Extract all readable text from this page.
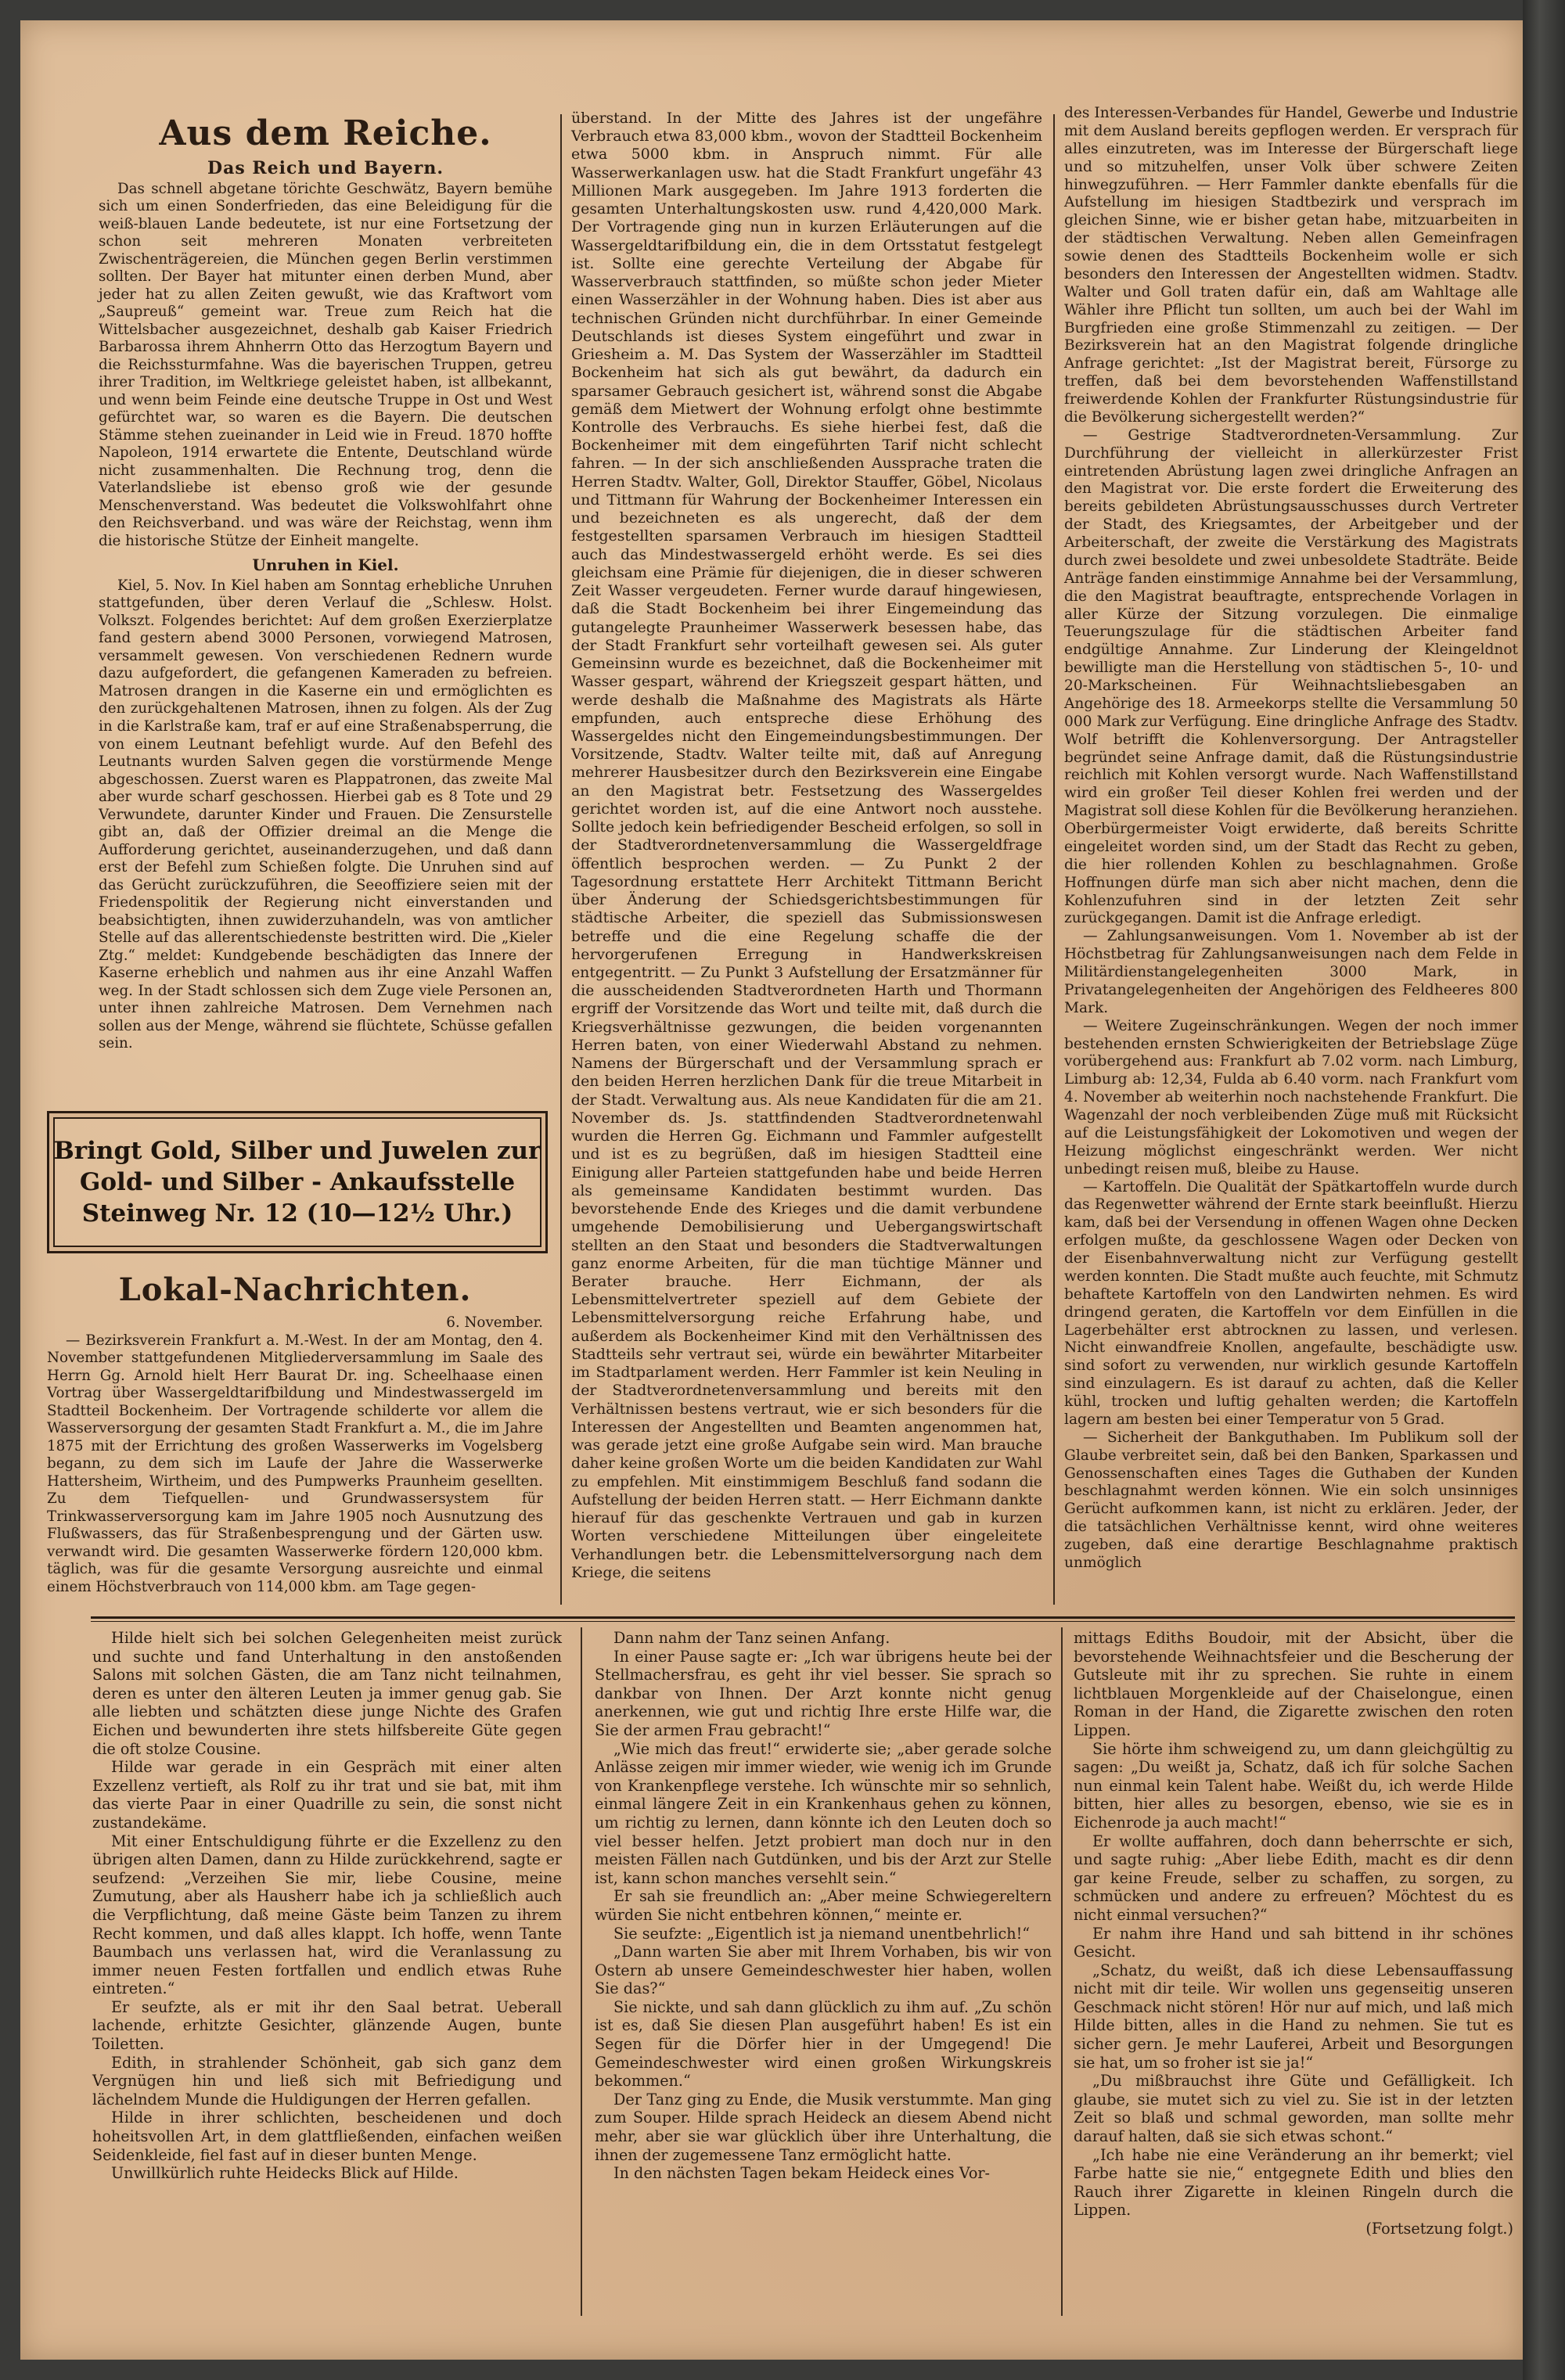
Aus dem Reiche.
Das Reich und Bayern.

Das schnell abgetane törichte Geschwätz, Bayern bemühe sich um einen Sonderfrieden, das eine Beleidigung für die weiß-blauen Lande bedeutete, ist nur eine Fortsetzung der schon seit mehreren Monaten verbreiteten Zwischenträgereien, die München gegen Berlin verstimmen sollten. Der Bayer hat mitunter einen derben Mund, aber jeder hat zu allen Zeiten gewußt, wie das Kraftwort vom „Saupreuß“ gemeint war. Treue zum Reich hat die Wittelsbacher ausgezeichnet, deshalb gab Kaiser Friedrich Barbarossa ihrem Ahnherrn Otto das Herzogtum Bayern und die Reichssturmfahne. Was die bayerischen Truppen, getreu ihrer Tradition, im Weltkriege geleistet haben, ist allbekannt, und wenn beim Feinde eine deutsche Truppe in Ost und West gefürchtet war, so waren es die Bayern. Die deutschen Stämme stehen zueinander in Leid wie in Freud. 1870 hoffte Napoleon, 1914 erwartete die Entente, Deutschland würde nicht zusammenhalten. Die Rechnung trog, denn die Vaterlandsliebe ist ebenso groß wie der gesunde Menschenverstand. Was bedeutet die Volkswohlfahrt ohne den Reichsverband. und was wäre der Reichstag, wenn ihm die historische Stütze der Einheit mangelte.

Unruhen in Kiel.

Kiel, 5. Nov. In Kiel haben am Sonntag erhebliche Unruhen stattgefunden, über deren Verlauf die „Schlesw. Holst. Volkszt. Folgendes berichtet: Auf dem großen Exerzierplatze fand gestern abend 3000 Personen, vorwiegend Matrosen, versammelt gewesen. Von verschiedenen Rednern wurde dazu aufgefordert, die gefangenen Kameraden zu befreien. Matrosen drangen in die Kaserne ein und ermöglichten es den zurückgehaltenen Matrosen, ihnen zu folgen. Als der Zug in die Karlstraße kam, traf er auf eine Straßenabsperrung, die von einem Leutnant befehligt wurde. Auf den Befehl des Leutnants wurden Salven gegen die vorstürmende Menge abgeschossen. Zuerst waren es Plappatronen, das zweite Mal aber wurde scharf geschossen. Hierbei gab es 8 Tote und 29 Verwundete, darunter Kinder und Frauen. Die Zensurstelle gibt an, daß der Offizier dreimal an die Menge die Aufforderung gerichtet, auseinanderzugehen, und daß dann erst der Befehl zum Schießen folgte. Die Unruhen sind auf das Gerücht zurückzuführen, die Seeoffiziere seien mit der Friedenspolitik der Regierung nicht einverstanden und beabsichtigten, ihnen zuwiderzuhandeln, was von amtlicher Stelle auf das allerentschiedenste bestritten wird. Die „Kieler Ztg.“ meldet: Kundgebende beschädigten das Innere der Kaserne erheblich und nahmen aus ihr eine Anzahl Waffen weg. In der Stadt schlossen sich dem Zuge viele Personen an, unter ihnen zahlreiche Matrosen. Dem Vernehmen nach sollen aus der Menge, während sie flüchtete, Schüsse gefallen sein.

Bringt Gold, Silber und Juwelen zur
Gold- und Silber - Ankaufsstelle
Steinweg Nr. 12 (10—12½ Uhr.)
Lokal-Nachrichten.

6. November.

— Bezirksverein Frankfurt a. M.-West. In der am Montag, den 4. November stattgefundenen Mitgliederversammlung im Saale des Herrn Gg. Arnold hielt Herr Baurat Dr. ing. Scheelhaase einen Vortrag über Wassergeldtarifbildung und Mindestwassergeld im Stadtteil Bockenheim. Der Vortragende schilderte vor allem die Wasserversorgung der gesamten Stadt Frankfurt a. M., die im Jahre 1875 mit der Errichtung des großen Wasserwerks im Vogelsberg begann, zu dem sich im Laufe der Jahre die Wasserwerke Hattersheim, Wirtheim, und des Pumpwerks Praunheim gesellten. Zu dem Tiefquellen- und Grundwassersystem für Trinkwasserversorgung kam im Jahre 1905 noch Ausnutzung des Flußwassers, das für Straßenbesprengung und der Gärten usw. verwandt wird. Die gesamten Wasserwerke fördern 120,000 kbm. täglich, was für die gesamte Versorgung ausreichte und einmal einem Höchstverbrauch von 114,000 kbm. am Tage gegen-

überstand. In der Mitte des Jahres ist der ungefähre Verbrauch etwa 83,000 kbm., wovon der Stadtteil Bockenheim etwa 5000 kbm. in Anspruch nimmt. Für alle Wasserwerkanlagen usw. hat die Stadt Frankfurt ungefähr 43 Millionen Mark ausgegeben. Im Jahre 1913 forderten die gesamten Unterhaltungskosten usw. rund 4,420,000 Mark. Der Vortragende ging nun in kurzen Erläuterungen auf die Wassergeldtarifbildung ein, die in dem Ortsstatut festgelegt ist. Sollte eine gerechte Verteilung der Abgabe für Wasserverbrauch stattfinden, so müßte schon jeder Mieter einen Wasserzähler in der Wohnung haben. Dies ist aber aus technischen Gründen nicht durchführbar. In einer Gemeinde Deutschlands ist dieses System eingeführt und zwar in Griesheim a. M. Das System der Wasserzähler im Stadtteil Bockenheim hat sich als gut bewährt, da dadurch ein sparsamer Gebrauch gesichert ist, während sonst die Abgabe gemäß dem Mietwert der Wohnung erfolgt ohne bestimmte Kontrolle des Verbrauchs. Es siehe hierbei fest, daß die Bockenheimer mit dem eingeführten Tarif nicht schlecht fahren. — In der sich anschließenden Aussprache traten die Herren Stadtv. Walter, Goll, Direktor Stauffer, Göbel, Nicolaus und Tittmann für Wahrung der Bockenheimer Interessen ein und bezeichneten es als ungerecht, daß der dem festgestellten sparsamen Verbrauch im hiesigen Stadtteil auch das Mindestwassergeld erhöht werde. Es sei dies gleichsam eine Prämie für diejenigen, die in dieser schweren Zeit Wasser vergeudeten. Ferner wurde darauf hingewiesen, daß die Stadt Bockenheim bei ihrer Eingemeindung das gutangelegte Praunheimer Wasserwerk besessen habe, das der Stadt Frankfurt sehr vorteilhaft gewesen sei. Als guter Gemeinsinn wurde es bezeichnet, daß die Bockenheimer mit Wasser gespart, während der Kriegszeit gespart hätten, und werde deshalb die Maßnahme des Magistrats als Härte empfunden, auch entspreche diese Erhöhung des Wassergeldes nicht den Eingemeindungsbestimmungen. Der Vorsitzende, Stadtv. Walter teilte mit, daß auf Anregung mehrerer Hausbesitzer durch den Bezirksverein eine Eingabe an den Magistrat betr. Festsetzung des Wassergeldes gerichtet worden ist, auf die eine Antwort noch ausstehe. Sollte jedoch kein befriedigender Bescheid erfolgen, so soll in der Stadtverordnetenversammlung die Wassergeldfrage öffentlich besprochen werden. — Zu Punkt 2 der Tagesordnung erstattete Herr Architekt Tittmann Bericht über Änderung der Schiedsgerichtsbestimmungen für städtische Arbeiter, die speziell das Submissionswesen betreffe und die eine Regelung schaffe die der hervorgerufenen Erregung in Handwerkskreisen entgegentritt. — Zu Punkt 3 Aufstellung der Ersatzmänner für die ausscheidenden Stadtverordneten Harth und Thormann ergriff der Vorsitzende das Wort und teilte mit, daß durch die Kriegsverhältnisse gezwungen, die beiden vorgenannten Herren baten, von einer Wiederwahl Abstand zu nehmen. Namens der Bürgerschaft und der Versammlung sprach er den beiden Herren herzlichen Dank für die treue Mitarbeit in der Stadt. Verwaltung aus. Als neue Kandidaten für die am 21. November ds. Js. stattfindenden Stadtverordnetenwahl wurden die Herren Gg. Eichmann und Fammler aufgestellt und ist es zu begrüßen, daß im hiesigen Stadtteil eine Einigung aller Parteien stattgefunden habe und beide Herren als gemeinsame Kandidaten bestimmt wurden. Das bevorstehende Ende des Krieges und die damit verbundene umgehende Demobilisierung und Uebergangswirtschaft stellten an den Staat und besonders die Stadtverwaltungen ganz enorme Arbeiten, für die man tüchtige Männer und Berater brauche. Herr Eichmann, der als Lebensmittelvertreter speziell auf dem Gebiete der Lebensmittelversorgung reiche Erfahrung habe, und außerdem als Bockenheimer Kind mit den Verhältnissen des Stadtteils sehr vertraut sei, würde ein bewährter Mitarbeiter im Stadtparlament werden. Herr Fammler ist kein Neuling in der Stadtverordnetenversammlung und bereits mit den Verhältnissen bestens vertraut, wie er sich besonders für die Interessen der Angestellten und Beamten angenommen hat, was gerade jetzt eine große Aufgabe sein wird. Man brauche daher keine großen Worte um die beiden Kandidaten zur Wahl zu empfehlen. Mit einstimmigem Beschluß fand sodann die Aufstellung der beiden Herren statt. — Herr Eichmann dankte hierauf für das geschenkte Vertrauen und gab in kurzen Worten verschiedene Mitteilungen über eingeleitete Verhandlungen betr. die Lebensmittelversorgung nach dem Kriege, die seitens

des Interessen-Verbandes für Handel, Gewerbe und Industrie mit dem Ausland bereits gepflogen werden. Er versprach für alles einzutreten, was im Interesse der Bürgerschaft liege und so mitzuhelfen, unser Volk über schwere Zeiten hinwegzuführen. — Herr Fammler dankte ebenfalls für die Aufstellung im hiesigen Stadtbezirk und versprach im gleichen Sinne, wie er bisher getan habe, mitzuarbeiten in der städtischen Verwaltung. Neben allen Gemeinfragen sowie denen des Stadtteils Bockenheim wolle er sich besonders den Interessen der Angestellten widmen. Stadtv. Walter und Goll traten dafür ein, daß am Wahltage alle Wähler ihre Pflicht tun sollten, um auch bei der Wahl im Burgfrieden eine große Stimmenzahl zu zeitigen. — Der Bezirksverein hat an den Magistrat folgende dringliche Anfrage gerichtet: „Ist der Magistrat bereit, Fürsorge zu treffen, daß bei dem bevorstehenden Waffenstillstand freiwerdende Kohlen der Frankfurter Rüstungsindustrie für die Bevölkerung sichergestellt werden?“

— Gestrige Stadtverordneten-Versammlung. Zur Durchführung der vielleicht in allerkürzester Frist eintretenden Abrüstung lagen zwei dringliche Anfragen an den Magistrat vor. Die erste fordert die Erweiterung des bereits gebildeten Abrüstungsausschusses durch Vertreter der Stadt, des Kriegsamtes, der Arbeitgeber und der Arbeiterschaft, der zweite die Verstärkung des Magistrats durch zwei besoldete und zwei unbesoldete Stadträte. Beide Anträge fanden einstimmige Annahme bei der Versammlung, die den Magistrat beauftragte, entsprechende Vorlagen in aller Kürze der Sitzung vorzulegen. Die einmalige Teuerungszulage für die städtischen Arbeiter fand endgültige Annahme. Zur Linderung der Kleingeldnot bewilligte man die Herstellung von städtischen 5-, 10- und 20-Markscheinen. Für Weihnachtsliebesgaben an Angehörige des 18. Armeekorps stellte die Versammlung 50 000 Mark zur Verfügung. Eine dringliche Anfrage des Stadtv. Wolf betrifft die Kohlenversorgung. Der Antragsteller begründet seine Anfrage damit, daß die Rüstungsindustrie reichlich mit Kohlen versorgt wurde. Nach Waffenstillstand wird ein großer Teil dieser Kohlen frei werden und der Magistrat soll diese Kohlen für die Bevölkerung heranziehen. Oberbürgermeister Voigt erwiderte, daß bereits Schritte eingeleitet worden sind, um der Stadt das Recht zu geben, die hier rollenden Kohlen zu beschlagnahmen. Große Hoffnungen dürfe man sich aber nicht machen, denn die Kohlenzufuhren sind in der letzten Zeit sehr zurückgegangen. Damit ist die Anfrage erledigt.

— Zahlungsanweisungen. Vom 1. November ab ist der Höchstbetrag für Zahlungsanweisungen nach dem Felde in Militärdienstangelegenheiten 3000 Mark, in Privatangelegenheiten der Angehörigen des Feldheeres 800 Mark.

— Weitere Zugeinschränkungen. Wegen der noch immer bestehenden ernsten Schwierigkeiten der Betriebslage Züge vorübergehend aus: Frankfurt ab 7.02 vorm. nach Limburg, Limburg ab: 12,34, Fulda ab 6.40 vorm. nach Frankfurt vom 4. November ab weiterhin noch nachstehende Frankfurt. Die Wagenzahl der noch verbleibenden Züge muß mit Rücksicht auf die Leistungsfähigkeit der Lokomotiven und wegen der Heizung möglichst eingeschränkt werden. Wer nicht unbedingt reisen muß, bleibe zu Hause.

— Kartoffeln. Die Qualität der Spätkartoffeln wurde durch das Regenwetter während der Ernte stark beeinflußt. Hierzu kam, daß bei der Versendung in offenen Wagen ohne Decken erfolgen mußte, da geschlossene Wagen oder Decken von der Eisenbahnverwaltung nicht zur Verfügung gestellt werden konnten. Die Stadt mußte auch feuchte, mit Schmutz behaftete Kartoffeln von den Landwirten nehmen. Es wird dringend geraten, die Kartoffeln vor dem Einfüllen in die Lagerbehälter erst abtrocknen zu lassen, und verlesen. Nicht einwandfreie Knollen, angefaulte, beschädigte usw. sind sofort zu verwenden, nur wirklich gesunde Kartoffeln sind einzulagern. Es ist darauf zu achten, daß die Keller kühl, trocken und luftig gehalten werden; die Kartoffeln lagern am besten bei einer Temperatur von 5 Grad.

— Sicherheit der Bankguthaben. Im Publikum soll der Glaube verbreitet sein, daß bei den Banken, Sparkassen und Genossenschaften eines Tages die Guthaben der Kunden beschlagnahmt werden können. Wie ein solch unsinniges Gerücht aufkommen kann, ist nicht zu erklären. Jeder, der die tatsächlichen Verhältnisse kennt, wird ohne weiteres zugeben, daß eine derartige Beschlagnahme praktisch unmöglich

Hilde hielt sich bei solchen Gelegenheiten meist zurück und suchte und fand Unterhaltung in den anstoßenden Salons mit solchen Gästen, die am Tanz nicht teilnahmen, deren es unter den älteren Leuten ja immer genug gab. Sie alle liebten und schätzten diese junge Nichte des Grafen Eichen und bewunderten ihre stets hilfsbereite Güte gegen die oft stolze Cousine.

Hilde war gerade in ein Gespräch mit einer alten Exzellenz vertieft, als Rolf zu ihr trat und sie bat, mit ihm das vierte Paar in einer Quadrille zu sein, die sonst nicht zustandekäme.

Mit einer Entschuldigung führte er die Exzellenz zu den übrigen alten Damen, dann zu Hilde zurückkehrend, sagte er seufzend: „Verzeihen Sie mir, liebe Cousine, meine Zumutung, aber als Hausherr habe ich ja schließlich auch die Verpflichtung, daß meine Gäste beim Tanzen zu ihrem Recht kommen, und daß alles klappt. Ich hoffe, wenn Tante Baumbach uns verlassen hat, wird die Veranlassung zu immer neuen Festen fortfallen und endlich etwas Ruhe eintreten.“

Er seufzte, als er mit ihr den Saal betrat. Ueberall lachende, erhitzte Gesichter, glänzende Augen, bunte Toiletten.

Edith, in strahlender Schönheit, gab sich ganz dem Vergnügen hin und ließ sich mit Befriedigung und lächelndem Munde die Huldigungen der Herren gefallen.

Hilde in ihrer schlichten, bescheidenen und doch hoheitsvollen Art, in dem glattfließenden, einfachen weißen Seidenkleide, fiel fast auf in dieser bunten Menge.

Unwillkürlich ruhte Heidecks Blick auf Hilde.

Dann nahm der Tanz seinen Anfang.

In einer Pause sagte er: „Ich war übrigens heute bei der Stellmachersfrau, es geht ihr viel besser. Sie sprach so dankbar von Ihnen. Der Arzt konnte nicht genug anerkennen, wie gut und richtig Ihre erste Hilfe war, die Sie der armen Frau gebracht!“

„Wie mich das freut!“ erwiderte sie; „aber gerade solche Anlässe zeigen mir immer wieder, wie wenig ich im Grunde von Krankenpflege verstehe. Ich wünschte mir so sehnlich, einmal längere Zeit in ein Krankenhaus gehen zu können, um richtig zu lernen, dann könnte ich den Leuten doch so viel besser helfen. Jetzt probiert man doch nur in den meisten Fällen nach Gutdünken, und bis der Arzt zur Stelle ist, kann schon manches versehlt sein.“

Er sah sie freundlich an: „Aber meine Schwiegereltern würden Sie nicht entbehren können,“ meinte er.

Sie seufzte: „Eigentlich ist ja niemand unentbehrlich!“

„Dann warten Sie aber mit Ihrem Vorhaben, bis wir von Ostern ab unsere Gemeindeschwester hier haben, wollen Sie das?“

Sie nickte, und sah dann glücklich zu ihm auf. „Zu schön ist es, daß Sie diesen Plan ausgeführt haben! Es ist ein Segen für die Dörfer hier in der Umgegend! Die Gemeindeschwester wird einen großen Wirkungskreis bekommen.“

Der Tanz ging zu Ende, die Musik verstummte. Man ging zum Souper. Hilde sprach Heideck an diesem Abend nicht mehr, aber sie war glücklich über ihre Unterhaltung, die ihnen der zugemessene Tanz ermöglicht hatte.

In den nächsten Tagen bekam Heideck eines Vor-

mittags Ediths Boudoir, mit der Absicht, über die bevorstehende Weihnachtsfeier und die Bescherung der Gutsleute mit ihr zu sprechen. Sie ruhte in einem lichtblauen Morgenkleide auf der Chaiselongue, einen Roman in der Hand, die Zigarette zwischen den roten Lippen.

Sie hörte ihm schweigend zu, um dann gleichgültig zu sagen: „Du weißt ja, Schatz, daß ich für solche Sachen nun einmal kein Talent habe. Weißt du, ich werde Hilde bitten, hier alles zu besorgen, ebenso, wie sie es in Eichenrode ja auch macht!“

Er wollte auffahren, doch dann beherrschte er sich, und sagte ruhig: „Aber liebe Edith, macht es dir denn gar keine Freude, selber zu schaffen, zu sorgen, zu schmücken und andere zu erfreuen? Möchtest du es nicht einmal versuchen?“

Er nahm ihre Hand und sah bittend in ihr schönes Gesicht.

„Schatz, du weißt, daß ich diese Lebensauffassung nicht mit dir teile. Wir wollen uns gegenseitig unseren Geschmack nicht stören! Hör nur auf mich, und laß mich Hilde bitten, alles in die Hand zu nehmen. Sie tut es sicher gern. Je mehr Lauferei, Arbeit und Besorgungen sie hat, um so froher ist sie ja!“

„Du mißbrauchst ihre Güte und Gefälligkeit. Ich glaube, sie mutet sich zu viel zu. Sie ist in der letzten Zeit so blaß und schmal geworden, man sollte mehr darauf halten, daß sie sich etwas schont.“

„Ich habe nie eine Veränderung an ihr bemerkt; viel Farbe hatte sie nie,“ entgegnete Edith und blies den Rauch ihrer Zigarette in kleinen Ringeln durch die Lippen.

(Fortsetzung folgt.)
